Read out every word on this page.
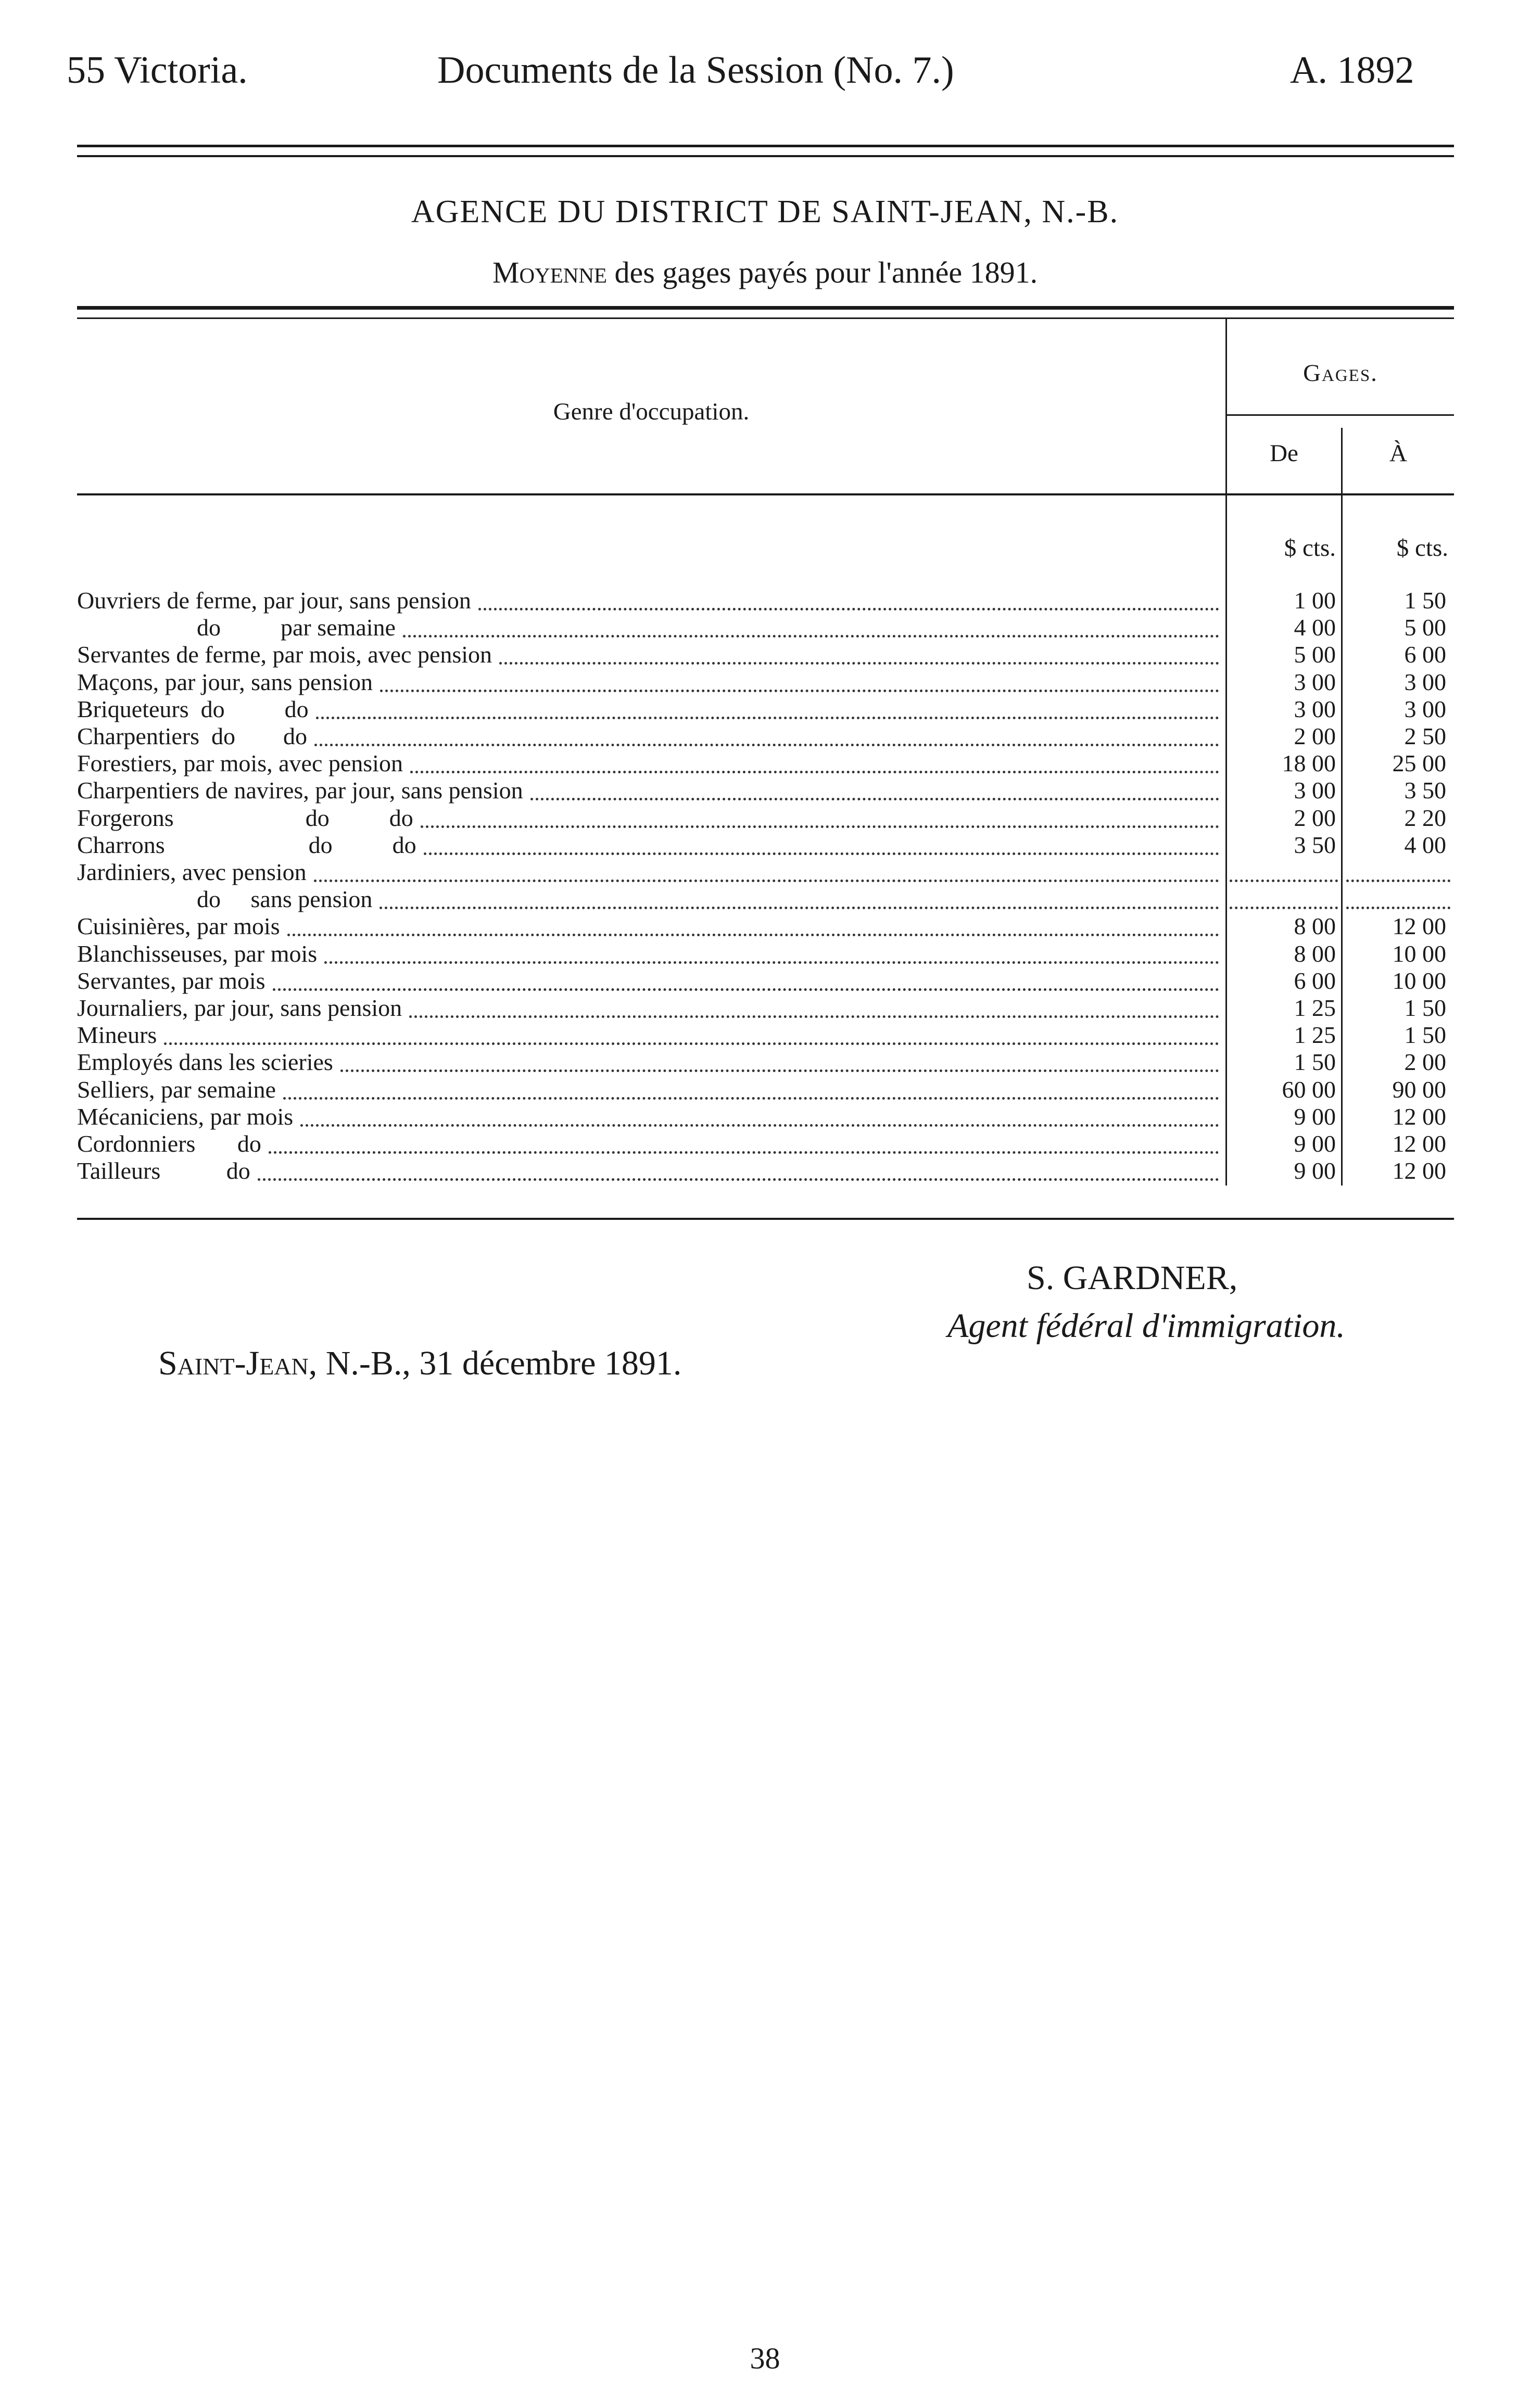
55 Victoria.	Documents de la Session (No. 7.)	A. 1892
AGENCE DU DISTRICT DE SAINT-JEAN, N.-B.
Moyenne des gages payés pour l'année 1891.
Genre d'occupation.
Gages.
De	À
$ cts.	$ cts.
Ouvriers de ferme, par jour, sans pension	1 00	1 50
do          par semaine	4 00	5 00
Servantes de ferme, par mois, avec pension	5 00	6 00
Maçons, par jour, sans pension	3 00	3 00
Briqueteurs  do          do	3 00	3 00
Charpentiers  do        do	2 00	2 50
Forestiers, par mois, avec pension	18 00	25 00
Charpentiers de navires, par jour, sans pension	3 00	3 50
Forgerons                      do          do	2 00	2 20
Charrons                        do          do	3 50	4 00
Jardiniers, avec pension
do     sans pension
Cuisinières, par mois	8 00	12 00
Blanchisseuses, par mois	8 00	10 00
Servantes, par mois	6 00	10 00
Journaliers, par jour, sans pension	1 25	1 50
Mineurs	1 25	1 50
Employés dans les scieries	1 50	2 00
Selliers, par semaine	60 00	90 00
Mécaniciens, par mois	9 00	12 00
Cordonniers       do	9 00	12 00
Tailleurs           do	9 00	12 00
S. GARDNER,
Agent fédéral d'immigration.
Saint-Jean, N.-B., 31 décembre 1891.
38
